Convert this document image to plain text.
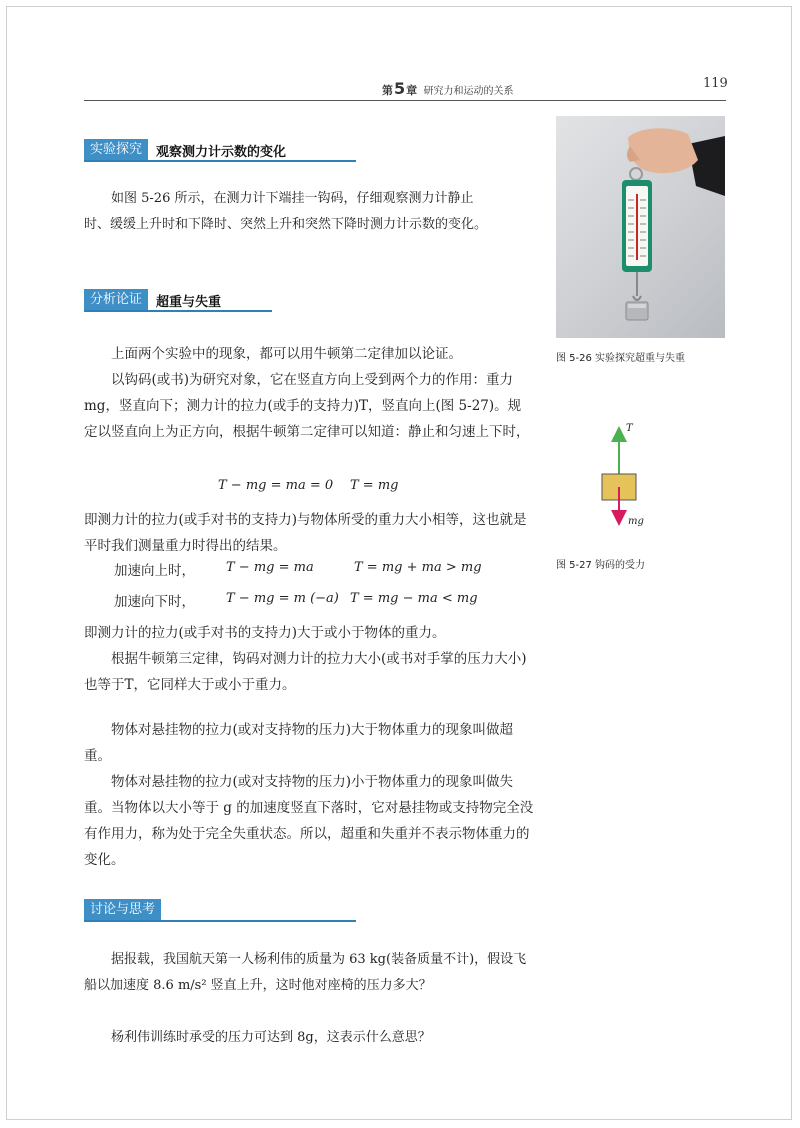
第5章 研究力和运动的关系
119
实验探究	观察测力计示数的变化

如图 5-26 所示，在测力计下端挂一钩码，仔细观察测力计静止时、缓缓上升时和下降时、突然上升和突然下降时测力计示数的变化。

分析论证	超重与失重

上面两个实验中的现象，都可以用牛顿第二定律加以论证。

以钩码(或书)为研究对象，它在竖直方向上受到两个力的作用：重力 mg，竖直向下；测力计的拉力(或手的支持力)T，竖直向上(图 5-27)。规定以竖直向上为正方向，根据牛顿第二定律可以知道：静止和匀速上下时，

T − mg = ma = 0 T = mg

即测力计的拉力(或手对书的支持力)与物体所受的重力大小相等，这也就是平时我们测量重力时得出的结果。

加速向上时， T − mg = ma	T = mg + ma > mg
加速向下时， T − mg = m (−a) T = mg − ma < mg

即测力计的拉力(或手对书的支持力)大于或小于物体的重力。

根据牛顿第三定律，钩码对测力计的拉力大小(或书对手掌的压力大小)也等于T，它同样大于或小于重力。

物体对悬挂物的拉力(或对支持物的压力)大于物体重力的现象叫做超重。

物体对悬挂物的拉力(或对支持物的压力)小于物体重力的现象叫做失重。当物体以大小等于 g 的加速度竖直下落时，它对悬挂物或支持物完全没有作用力，称为处于完全失重状态。所以，超重和失重并不表示物体重力的变化。

讨论与思考

据报载，我国航天第一人杨利伟的质量为 63 kg(装备质量不计)，假设飞船以加速度 8.6 m/s² 竖直上升，这时他对座椅的压力多大？

杨利伟训练时承受的压力可达到 8g，这表示什么意思？

图 5-26 实验探究超重与失重
T
mg
图 5-27 钩码的受力
